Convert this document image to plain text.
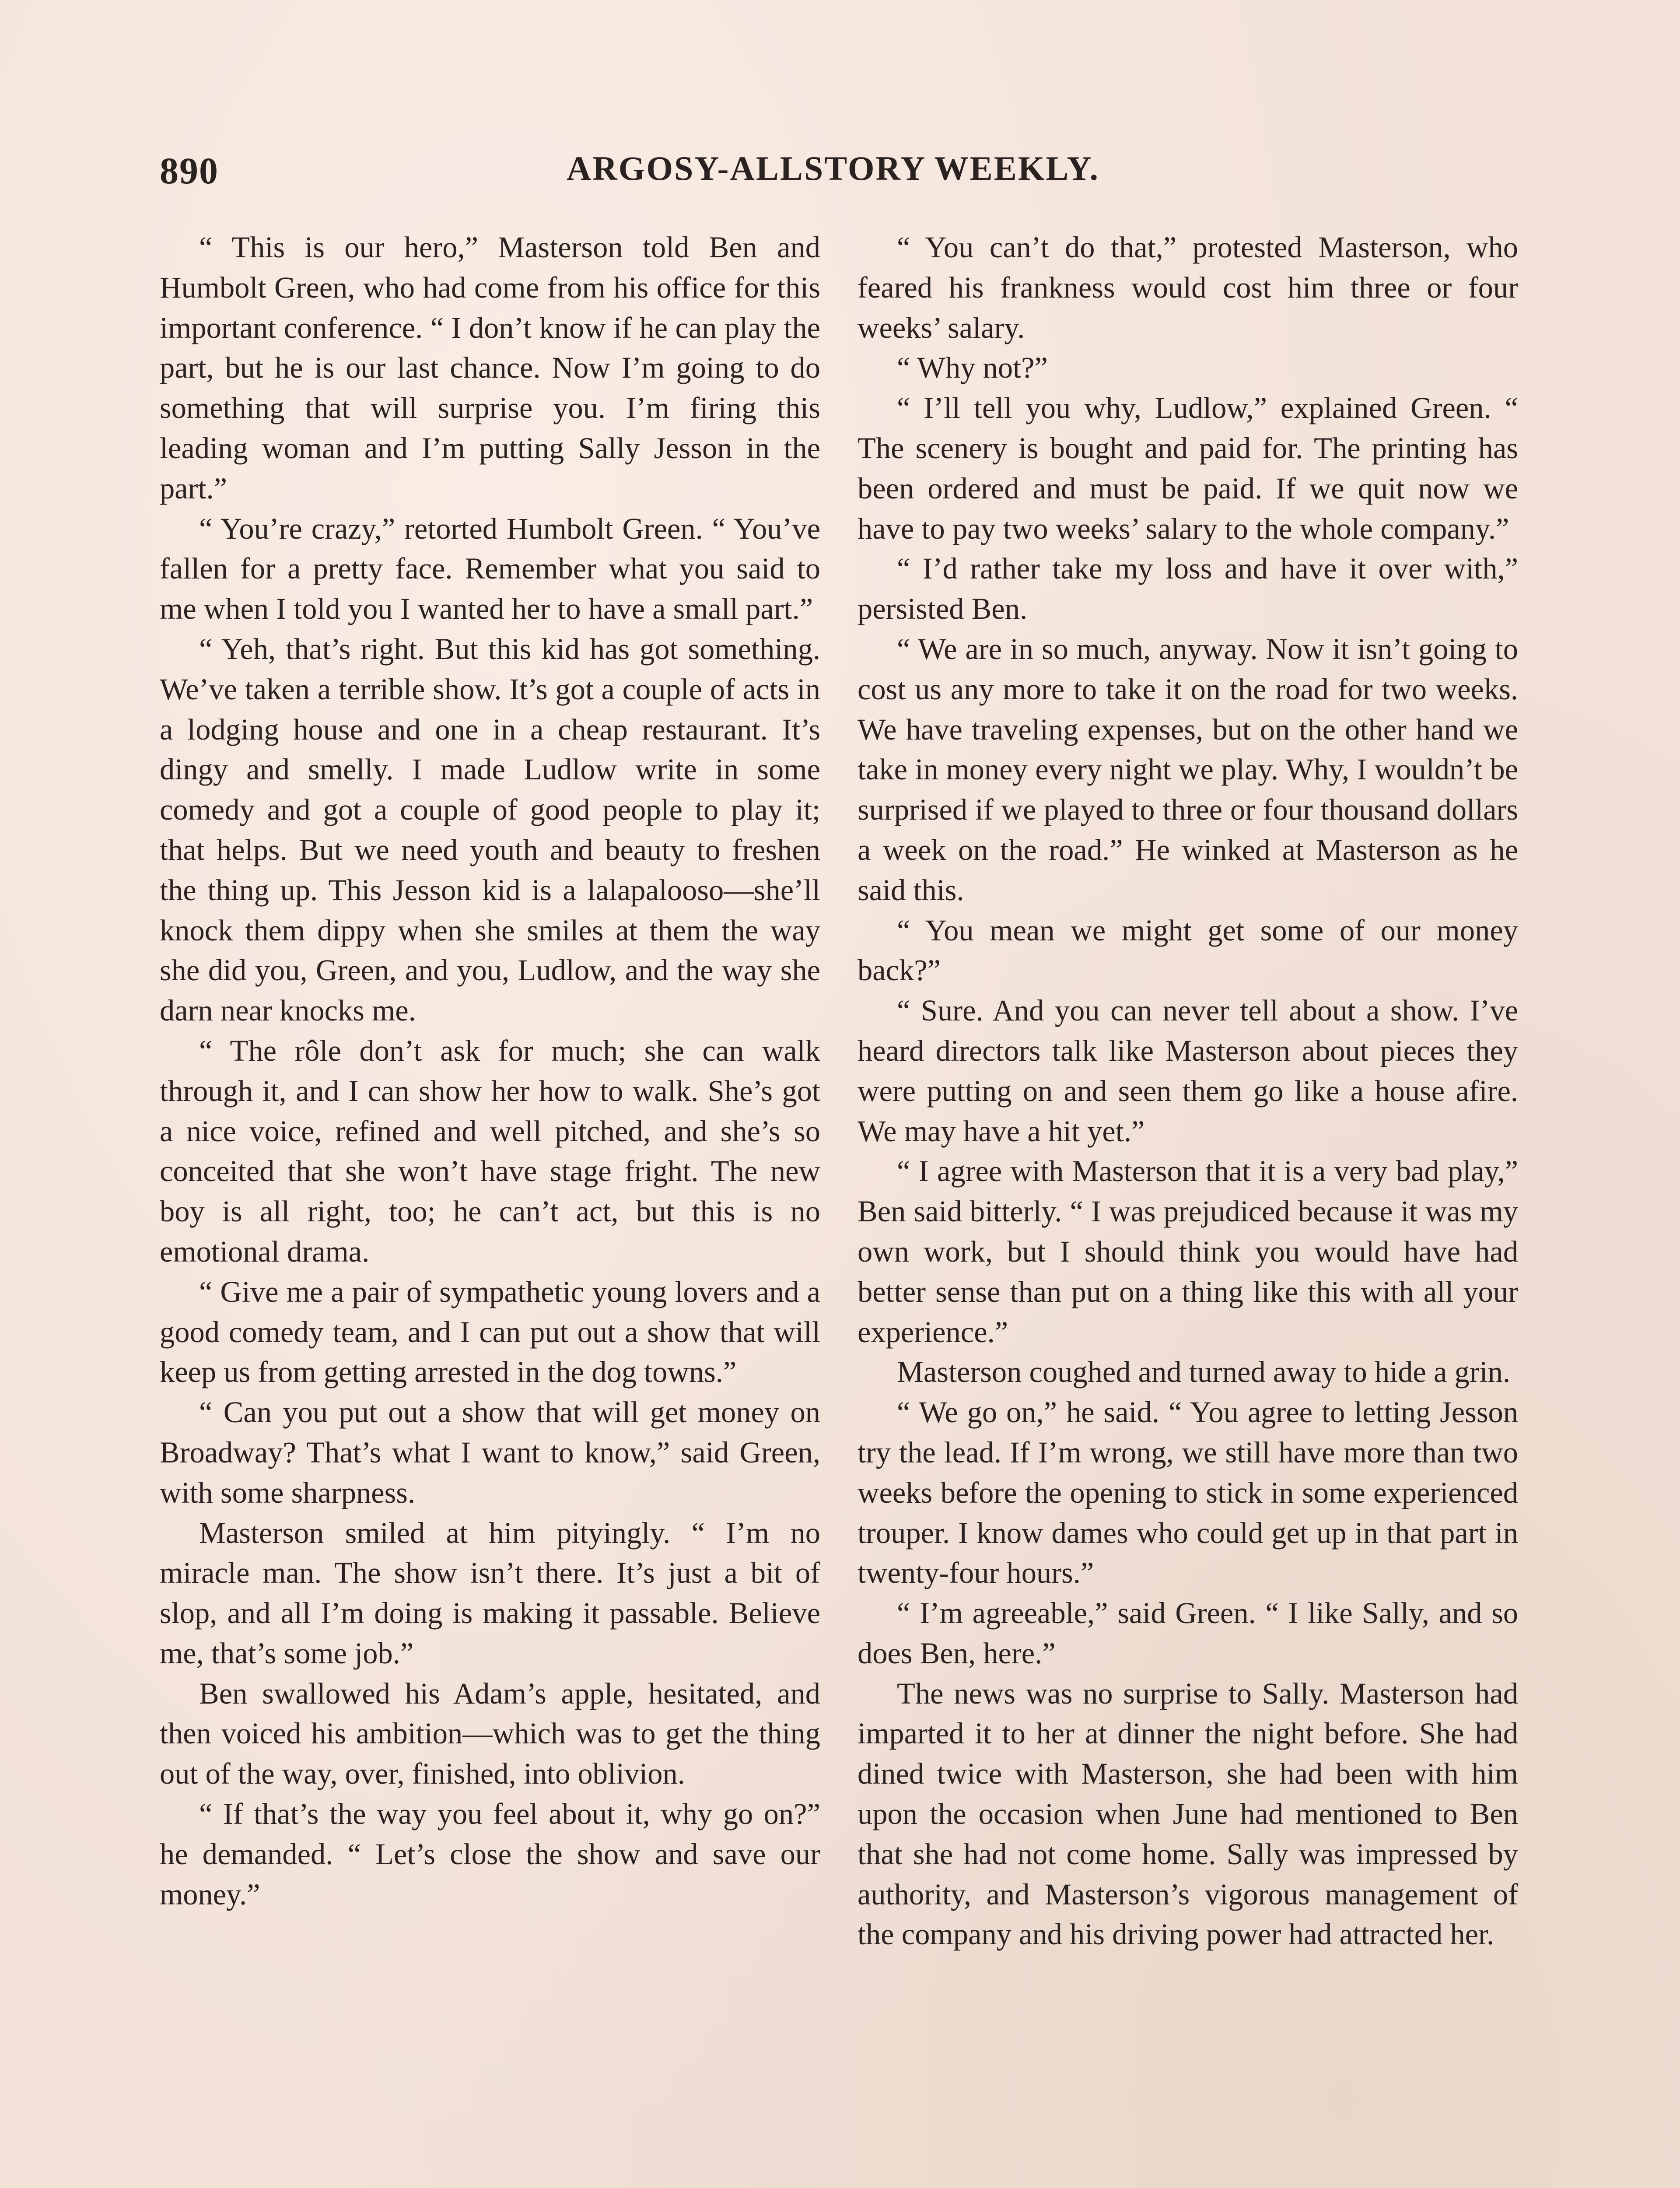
890	ARGOSY-ALLSTORY WEEKLY.

“ This is our hero,” Masterson told Ben and Humbolt Green, who had come from his office for this important conference. “ I don’t know if he can play the part, but he is our last chance. Now I’m going to do something that will surprise you. I’m firing this leading woman and I’m putting Sally Jesson in the part.”

“ You’re crazy,” retorted Humbolt Green. “ You’ve fallen for a pretty face. Remember what you said to me when I told you I wanted her to have a small part.”

“ Yeh, that’s right. But this kid has got something. We’ve taken a terrible show. It’s got a couple of acts in a lodging house and one in a cheap restaurant. It’s dingy and smelly. I made Ludlow write in some comedy and got a couple of good people to play it; that helps. But we need youth and beauty to freshen the thing up. This Jesson kid is a lalapalooso—she’ll knock them dippy when she smiles at them the way she did you, Green, and you, Ludlow, and the way she darn near knocks me.

“ The rôle don’t ask for much; she can walk through it, and I can show her how to walk. She’s got a nice voice, refined and well pitched, and she’s so conceited that she won’t have stage fright. The new boy is all right, too; he can’t act, but this is no emotional drama.

“ Give me a pair of sympathetic young lovers and a good comedy team, and I can put out a show that will keep us from getting arrested in the dog towns.”

“ Can you put out a show that will get money on Broadway? That’s what I want to know,” said Green, with some sharpness.

Masterson smiled at him pityingly. “ I’m no miracle man. The show isn’t there. It’s just a bit of slop, and all I’m doing is making it passable. Believe me, that’s some job.”

Ben swallowed his Adam’s apple, hesitated, and then voiced his ambition—which was to get the thing out of the way, over, finished, into oblivion.

“ If that’s the way you feel about it, why go on?” he demanded. “ Let’s close the show and save our money.”

“ You can’t do that,” protested Masterson, who feared his frankness would cost him three or four weeks’ salary.

“ Why not?”

“ I’ll tell you why, Ludlow,” explained Green. “ The scenery is bought and paid for. The printing has been ordered and must be paid. If we quit now we have to pay two weeks’ salary to the whole company.”

“ I’d rather take my loss and have it over with,” persisted Ben.

“ We are in so much, anyway. Now it isn’t going to cost us any more to take it on the road for two weeks. We have traveling expenses, but on the other hand we take in money every night we play. Why, I wouldn’t be surprised if we played to three or four thousand dollars a week on the road.” He winked at Masterson as he said this.

“ You mean we might get some of our money back?”

“ Sure. And you can never tell about a show. I’ve heard directors talk like Masterson about pieces they were putting on and seen them go like a house afire. We may have a hit yet.”

“ I agree with Masterson that it is a very bad play,” Ben said bitterly. “ I was prejudiced because it was my own work, but I should think you would have had better sense than put on a thing like this with all your experience.”

Masterson coughed and turned away to hide a grin.

“ We go on,” he said. “ You agree to letting Jesson try the lead. If I’m wrong, we still have more than two weeks before the opening to stick in some experienced trouper. I know dames who could get up in that part in twenty-four hours.”

“ I’m agreeable,” said Green. “ I like Sally, and so does Ben, here.”

The news was no surprise to Sally. Masterson had imparted it to her at dinner the night before. She had dined twice with Masterson, she had been with him upon the occasion when June had mentioned to Ben that she had not come home. Sally was impressed by authority, and Masterson’s vigorous management of the company and his driving power had attracted her.
